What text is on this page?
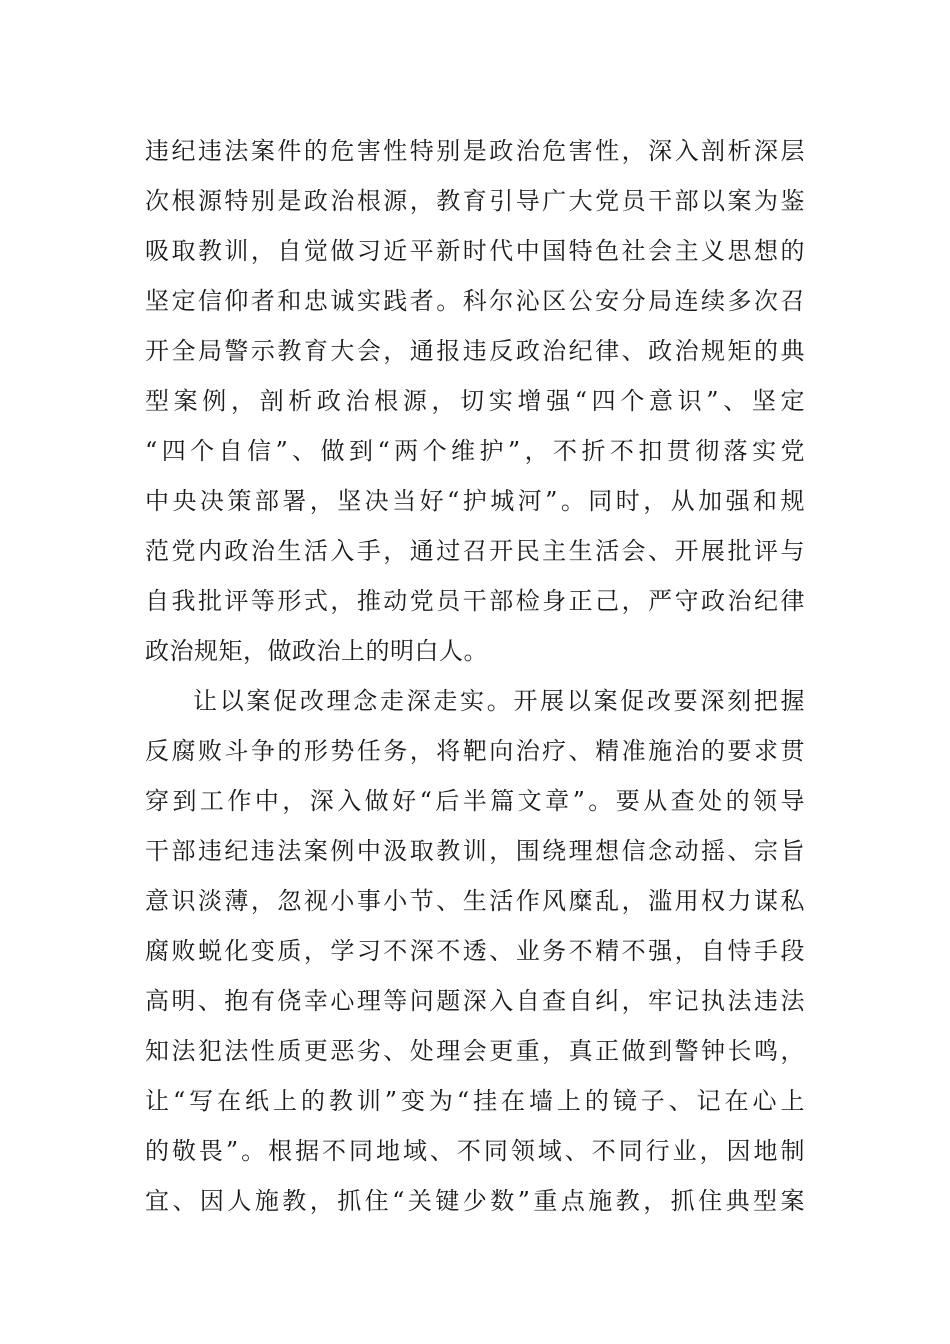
违纪违法案件的危害性特别是政治危害性，深入剖析深层
次根源特别是政治根源，教育引导广大党员干部以案为鉴
吸取教训，自觉做习近平新时代中国特色社会主义思想的
坚定信仰者和忠诚实践者。科尔沁区公安分局连续多次召
开全局警示教育大会，通报违反政治纪律、政治规矩的典
型案例，剖析政治根源，切实增强“四个意识”、坚定
“四个自信”、做到“两个维护”，不折不扣贯彻落实党
中央决策部署，坚决当好“护城河”。同时，从加强和规
范党内政治生活入手，通过召开民主生活会、开展批评与
自我批评等形式，推动党员干部检身正己，严守政治纪律
政治规矩，做政治上的明白人。
让以案促改理念走深走实。开展以案促改要深刻把握
反腐败斗争的形势任务，将靶向治疗、精准施治的要求贯
穿到工作中，深入做好“后半篇文章”。要从查处的领导
干部违纪违法案例中汲取教训，围绕理想信念动摇、宗旨
意识淡薄，忽视小事小节、生活作风糜乱，滥用权力谋私
腐败蜕化变质，学习不深不透、业务不精不强，自恃手段
高明、抱有侥幸心理等问题深入自查自纠，牢记执法违法
知法犯法性质更恶劣、处理会更重，真正做到警钟长鸣，
让“写在纸上的教训”变为“挂在墙上的镜子、记在心上
的敬畏”。根据不同地域、不同领域、不同行业，因地制
宜、因人施教，抓住“关键少数”重点施教，抓住典型案
